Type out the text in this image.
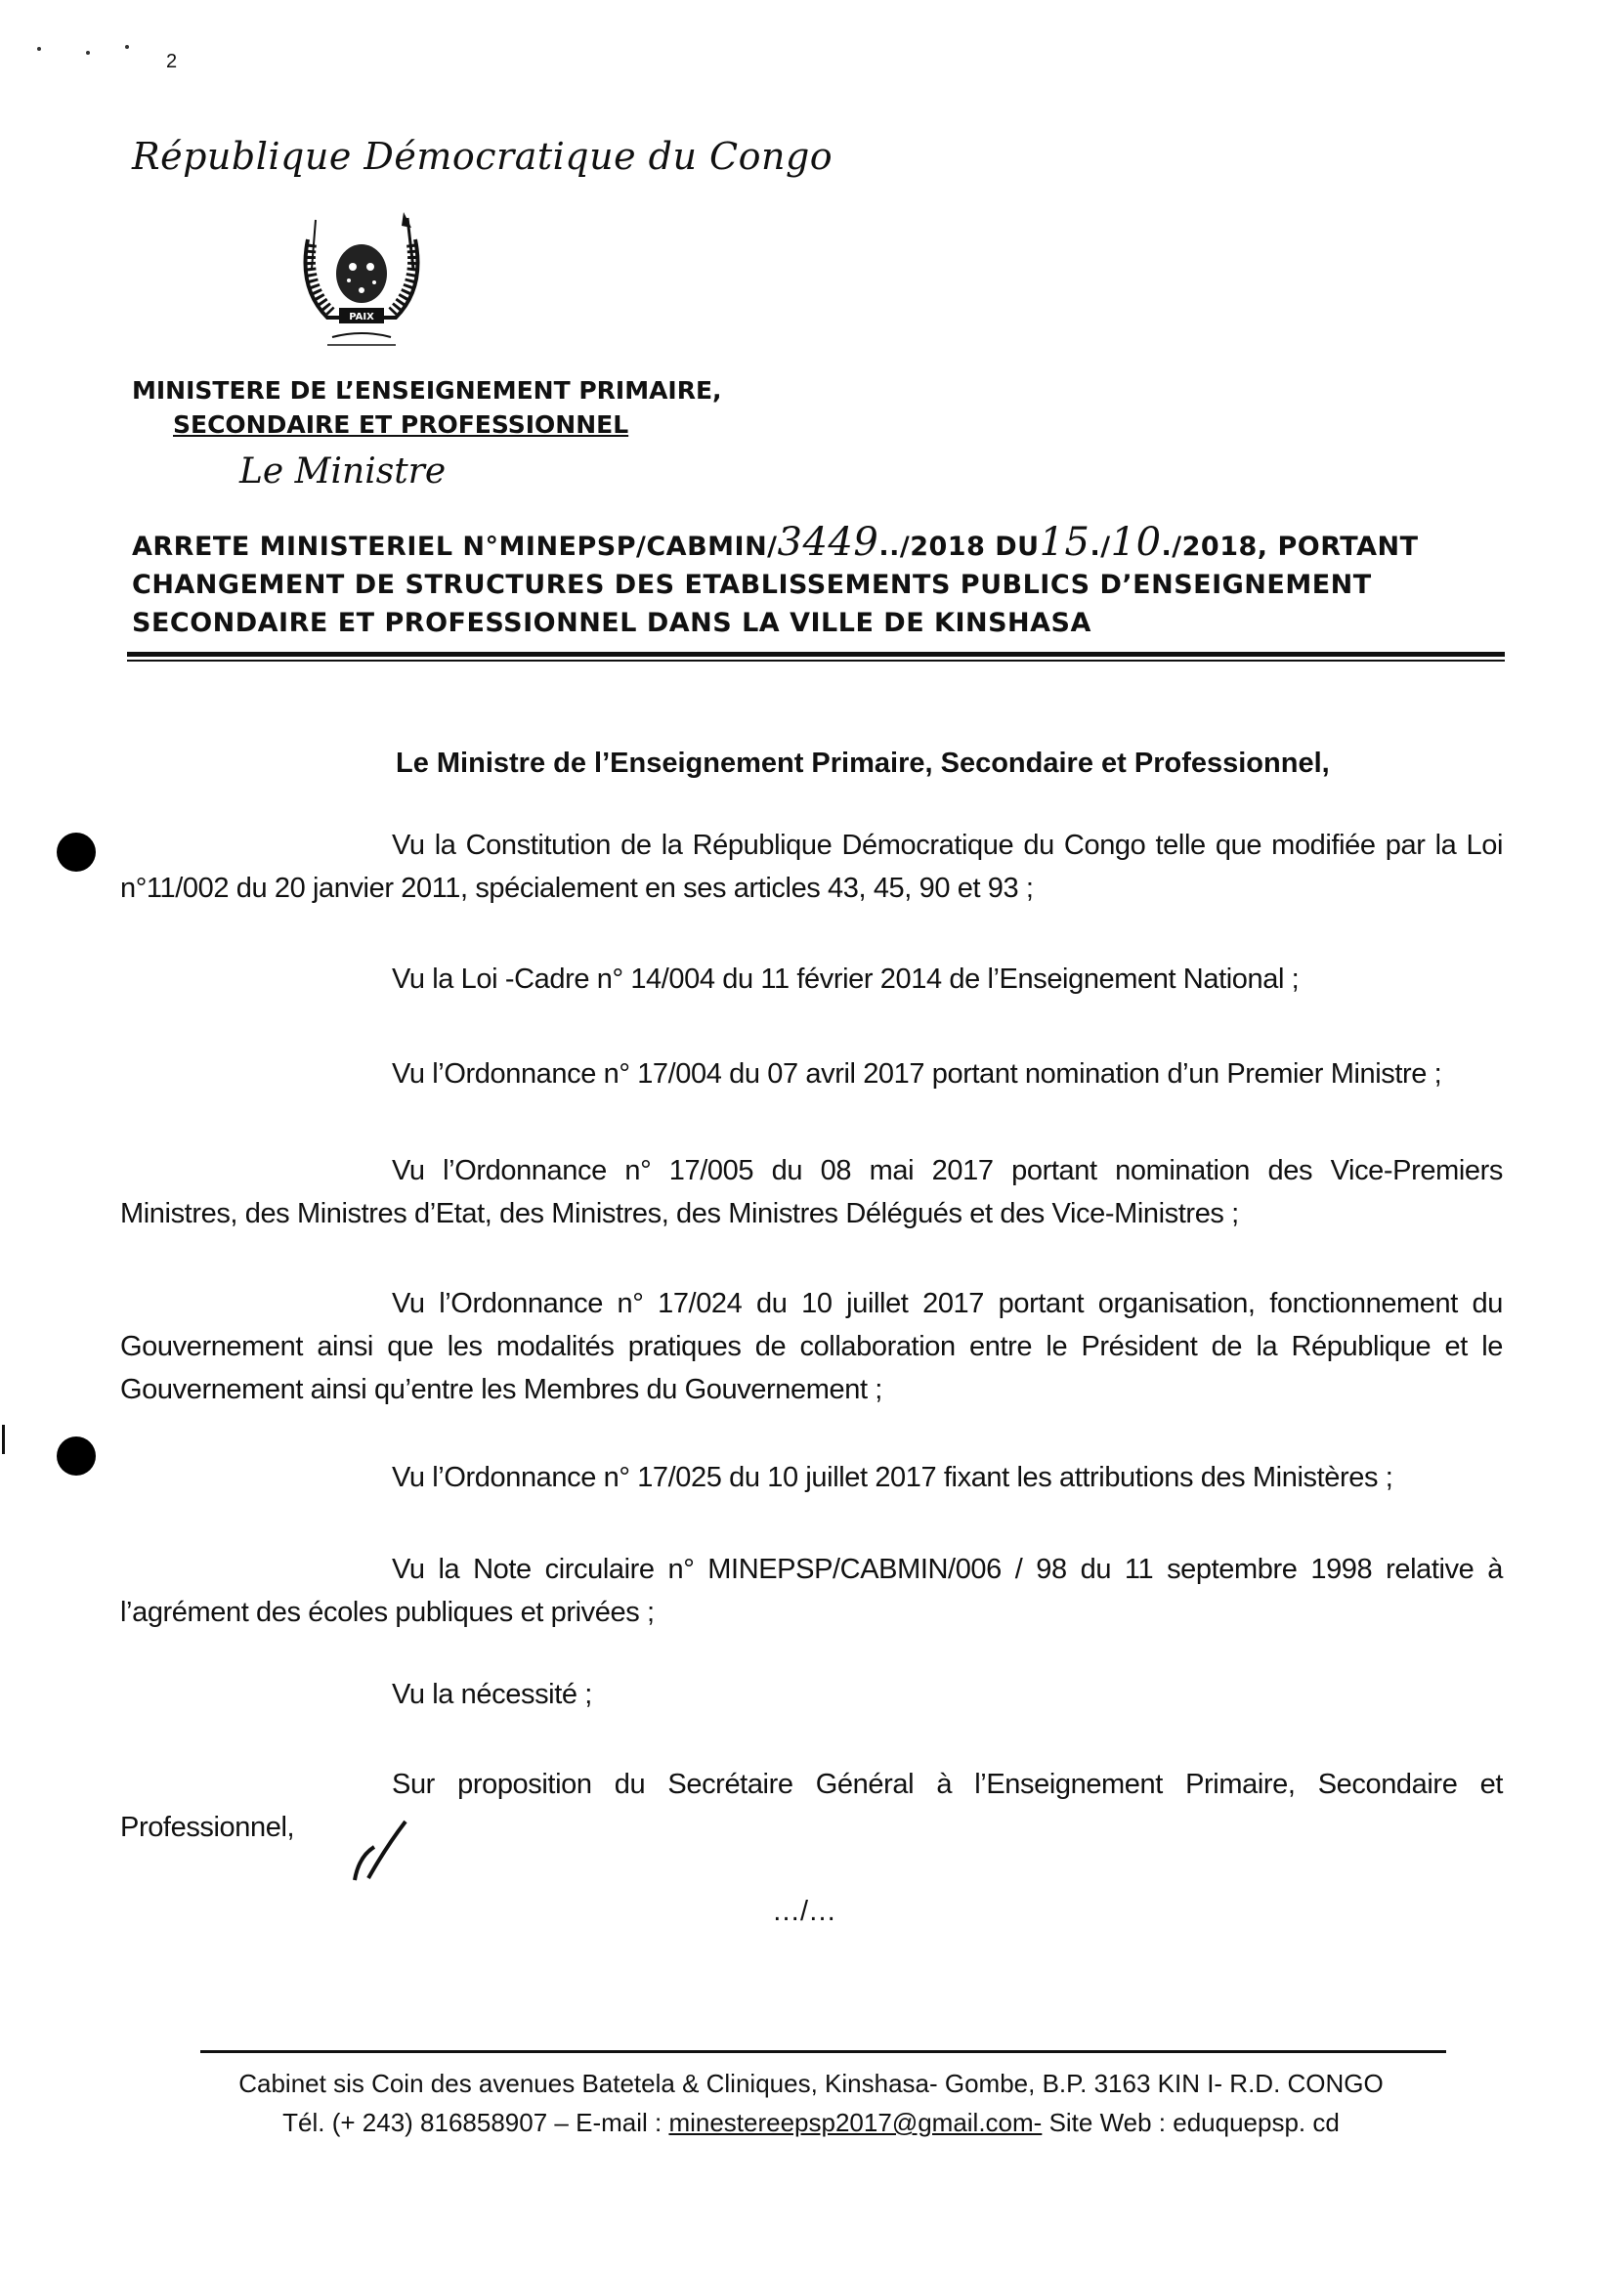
2
République Démocratique du Congo
PAIX
MINISTERE DE L’ENSEIGNEMENT PRIMAIRE,
SECONDAIRE ET PROFESSIONNEL
Le Ministre
ARRETE MINISTERIEL N°MINEPSP/CABMIN/3449../2018 DU15./10./2018, PORTANT
CHANGEMENT DE STRUCTURES DES ETABLISSEMENTS PUBLICS D’ENSEIGNEMENT
SECONDAIRE ET PROFESSIONNEL DANS LA VILLE DE KINSHASA
Le Ministre de l’Enseignement Primaire, Secondaire et Professionnel,
Vu la Constitution de la République Démocratique du Congo telle que modifiée par la Loi n°11/002 du 20 janvier 2011, spécialement en ses articles 43, 45, 90 et 93 ;
Vu la Loi -Cadre n° 14/004 du 11 février 2014 de l’Enseignement National ;
Vu l’Ordonnance n° 17/004 du 07 avril 2017 portant nomination d’un Premier Ministre ;
Vu l’Ordonnance n° 17/005 du 08 mai 2017 portant nomination des Vice-Premiers Ministres, des Ministres d’Etat, des Ministres, des Ministres Délégués et des Vice-Ministres ;
Vu l’Ordonnance n° 17/024 du 10 juillet 2017 portant organisation, fonctionnement du Gouvernement ainsi que les modalités pratiques de collaboration entre le Président de la République et le Gouvernement ainsi qu’entre les Membres du Gouvernement ;
Vu l’Ordonnance n° 17/025 du 10 juillet 2017 fixant les attributions des Ministères ;
Vu la Note circulaire n° MINEPSP/CABMIN/006 / 98 du 11 septembre 1998 relative à l’agrément des écoles publiques et privées ;
Vu la nécessité ;
Sur proposition du Secrétaire Général à l’Enseignement Primaire, Secondaire et Professionnel,
…/…
Cabinet sis Coin des avenues Batetela & Cliniques, Kinshasa- Gombe, B.P. 3163 KIN I- R.D. CONGO
Tél. (+ 243) 816858907 – E-mail : minestereepsp2017@gmail.com- Site Web : eduquepsp. cd
